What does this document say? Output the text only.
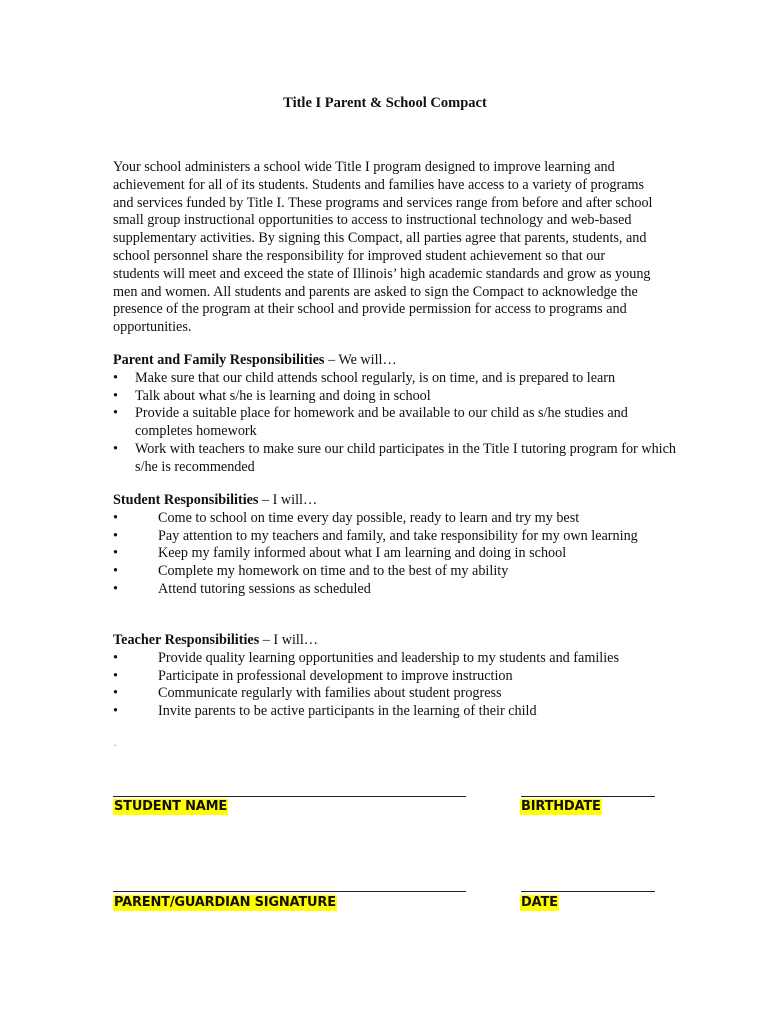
Title I Parent & School Compact

Your school administers a school wide Title I program designed to improve learning and achievement for all of its students. Students and families have access to a variety of programs and services funded by Title I. These programs and services range from before and after school small group instructional opportunities to access to instructional technology and web-based supplementary activities. By signing this Compact, all parties agree that parents, students, and school personnel share the responsibility for improved student achievement so that our students will meet and exceed the state of Illinois’ high academic standards and grow as young men and women. All students and parents are asked to sign the Compact to acknowledge the presence of the program at their school and provide permission for access to programs and opportunities.

Parent and Family Responsibilities – We will…

• Make sure that our child attends school regularly, is on time, and is prepared to learn
• Talk about what s/he is learning and doing in school
• Provide a suitable place for homework and be available to our child as s/he studies and completes homework
• Work with teachers to make sure our child participates in the Title I tutoring program for which s/he is recommended

Student Responsibilities – I will…

•	Come to school on time every day possible, ready to learn and try my best
•	Pay attention to my teachers and family, and take responsibility for my own learning
•	Keep my family informed about what I am learning and doing in school
•	Complete my homework on time and to the best of my ability
•	Attend tutoring sessions as scheduled

Teacher Responsibilities – I will…

•	Provide quality learning opportunities and leadership to my students and families
•	Participate in professional development to improve instruction
•	Communicate regularly with families about student progress
•	Invite parents to be active participants in the learning of their child
.
STUDENT NAME	BIRTHDATE
PARENT/GUARDIAN SIGNATURE	DATE
